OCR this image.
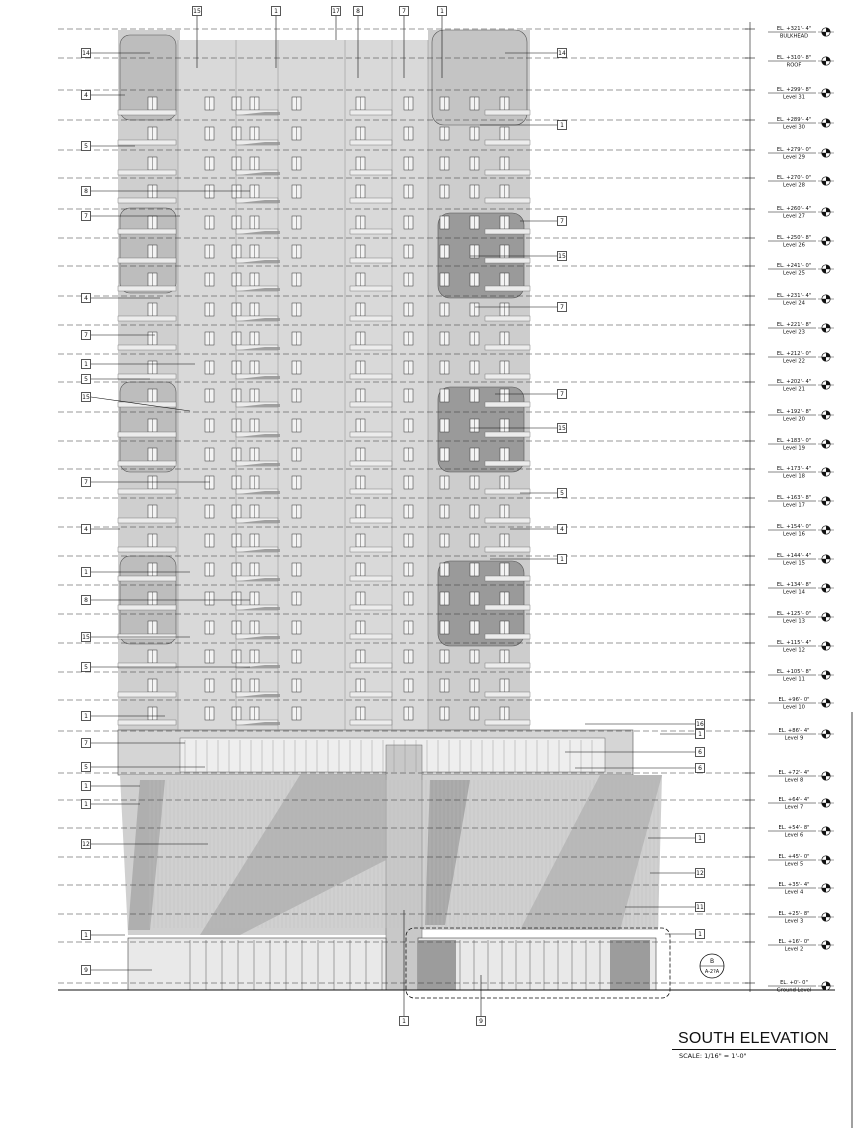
EL. +321'- 4"
BULKHEAD
EL. +310'- 8"
ROOF
EL. +299'- 8"
Level 31
EL. +289'- 4"
Level 30
EL. +279'- 0"
Level 29
EL. +270'- 0"
Level 28
EL. +260'- 4"
Level 27
EL. +250'- 8"
Level 26
EL. +241'- 0"
Level 25
EL. +231'- 4"
Level 24
EL. +221'- 8"
Level 23
EL. +212'- 0"
Level 22
EL. +202'- 4"
Level 21
EL. +192'- 8"
Level 20
EL. +183'- 0"
Level 19
EL. +173'- 4"
Level 18
EL. +163'- 8"
Level 17
EL. +154'- 0"
Level 16
EL. +144'- 4"
Level 15
EL. +134'- 8"
Level 14
EL. +125'- 0"
Level 13
EL. +115'- 4"
Level 12
EL. +105'- 8"
Level 11
EL. +96'- 0"
Level 10
EL. +86'- 4"
Level 9
EL. +72'- 4"
Level 8
EL. +64'- 4"
Level 7
EL. +54'- 8"
Level 6
EL. +45'- 0"
Level 5
EL. +35'- 4"
Level 4
EL. +25'- 8"
Level 3
EL. +16'- 0"
Level 2
EL. +0'- 0"
Ground Level
15	1	17	8	7	1
14
4
5
8
7
4
7
1
5
15
7
4
1
8
15
5
1
7
5
1
1
12
1
9
14
1
7
15
7
7
15
5
4
1
16
1
6
6
1
12
11
1
1	9
B
A-2?A
SOUTH ELEVATION
SCALE: 1/16" = 1'-0"
